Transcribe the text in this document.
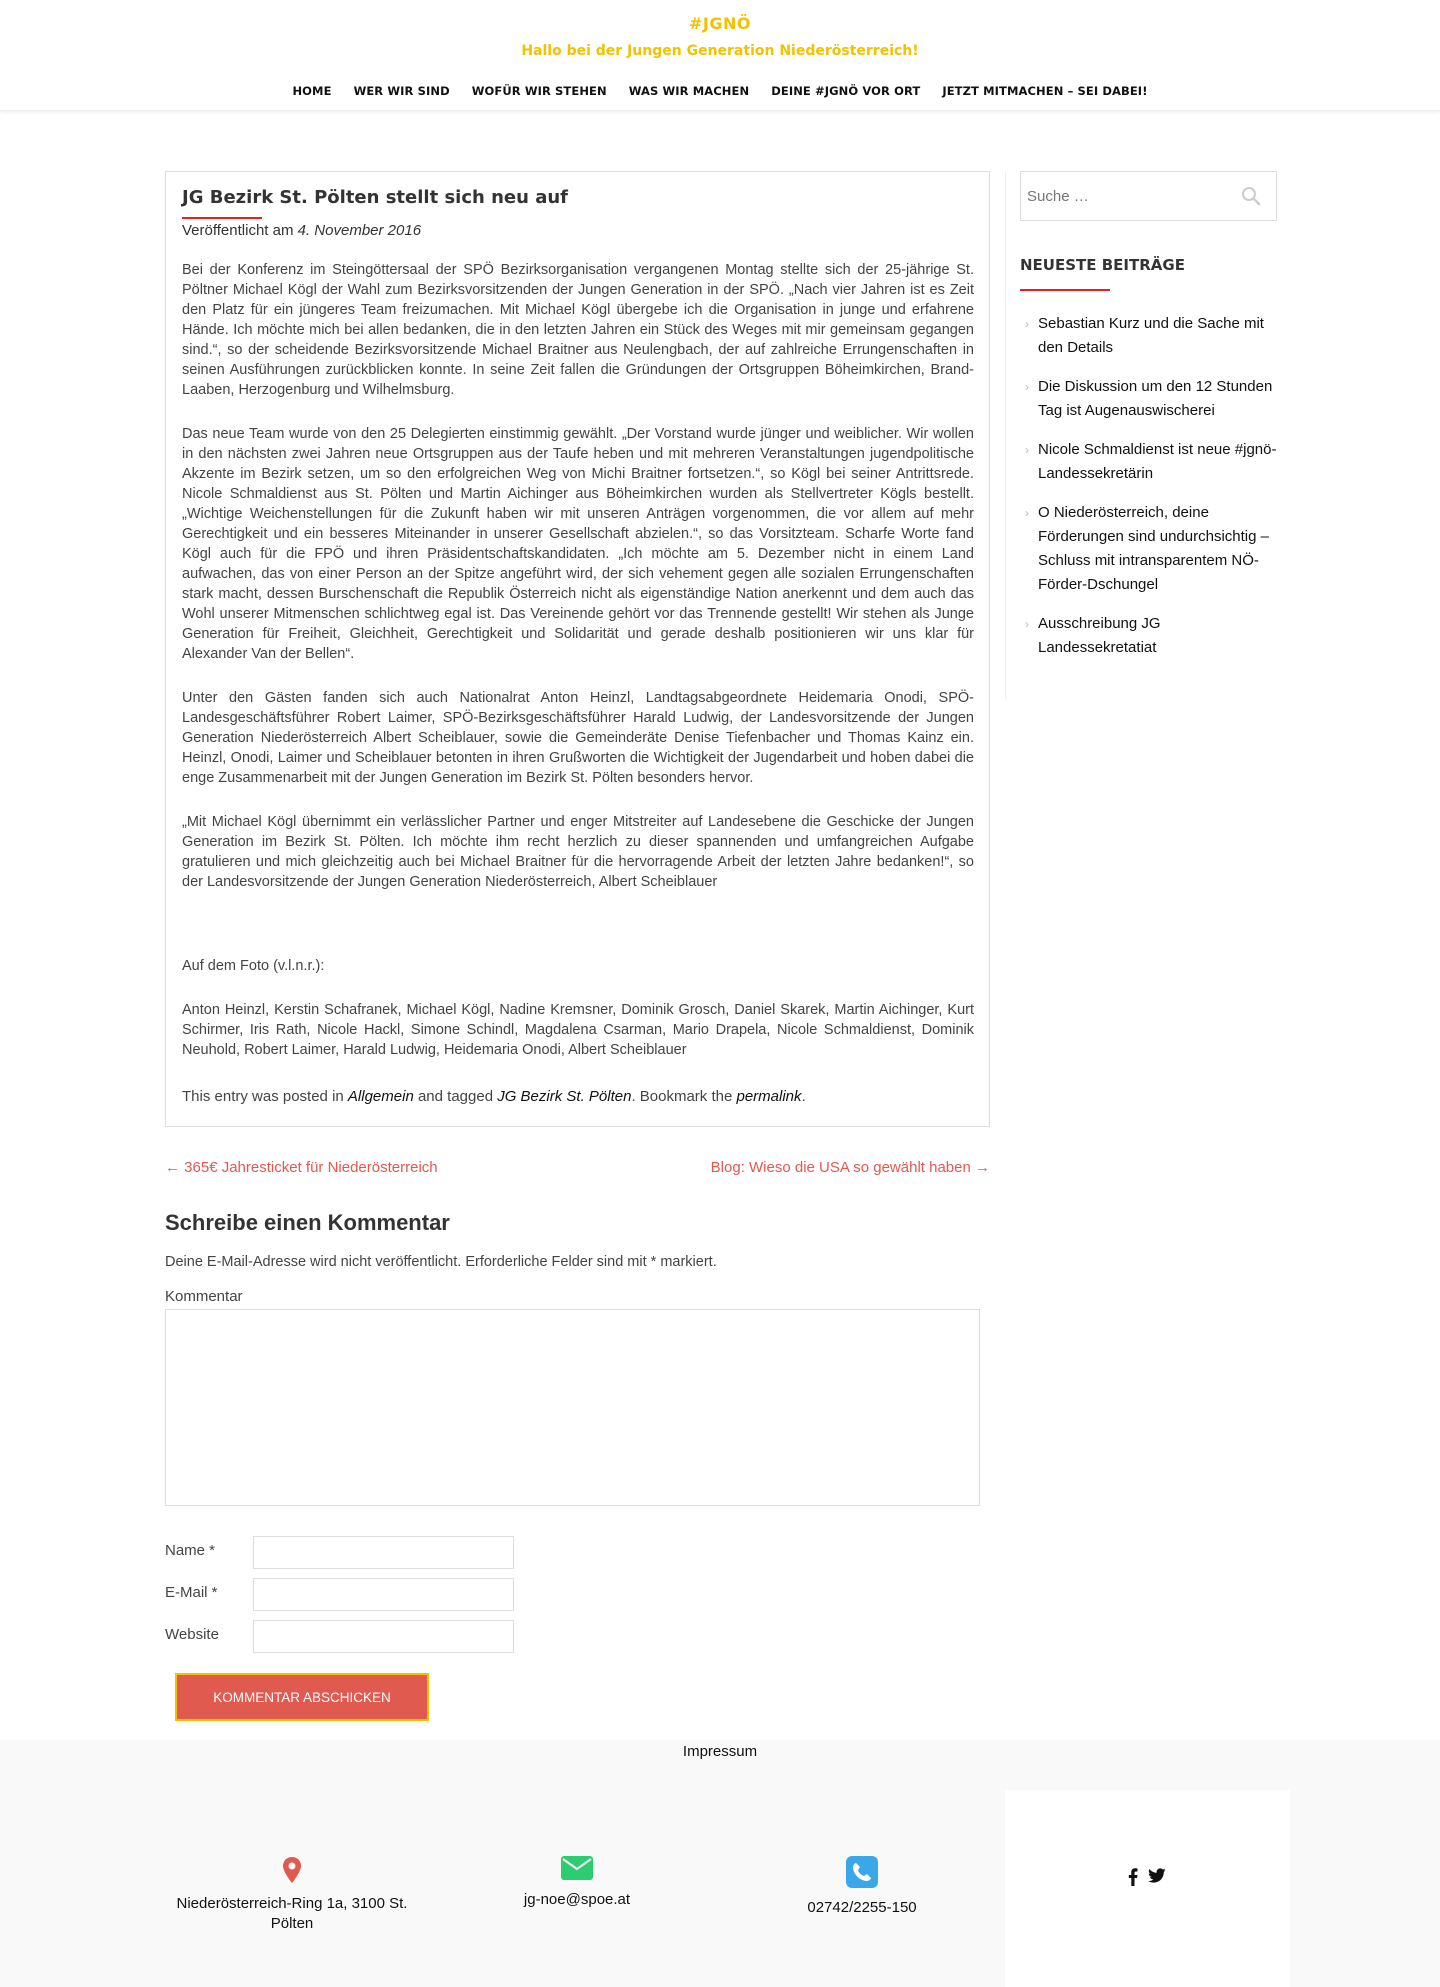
#JGNÖ
Hallo bei der Jungen Generation Niederösterreich!
HOME	WER WIR SIND	WOFÜR WIR STEHEN	WAS WIR MACHEN	DEINE #JGNÖ VOR ORT	JETZT MITMACHEN – SEI DABEI!
JG Bezirk St. Pölten stellt sich neu auf
Veröffentlicht am 4. November 2016

Bei der Konferenz im Steingöttersaal der SPÖ Bezirksorganisation vergangenen Montag stellte sich der 25-jährige St. Pöltner Michael Kögl der Wahl zum Bezirksvorsitzenden der Jungen Generation in der SPÖ. „Nach vier Jahren ist es Zeit den Platz für ein jüngeres Team freizumachen. Mit Michael Kögl übergebe ich die Organisation in junge und erfahrene Hände. Ich möchte mich bei allen bedanken, die in den letzten Jahren ein Stück des Weges mit mir gemeinsam gegangen sind.“, so der scheidende Bezirksvorsitzende Michael Braitner aus Neulengbach, der auf zahlreiche Errungenschaften in seinen Ausführungen zurückblicken konnte. In seine Zeit fallen die Gründungen der Ortsgruppen Böheimkirchen, Brand-Laaben, Herzogenburg und Wilhelmsburg.

Das neue Team wurde von den 25 Delegierten einstimmig gewählt. „Der Vorstand wurde jünger und weiblicher. Wir wollen in den nächsten zwei Jahren neue Ortsgruppen aus der Taufe heben und mit mehreren Veranstaltungen jugendpolitische Akzente im Bezirk setzen, um so den erfolgreichen Weg von Michi Braitner fortsetzen.“, so Kögl bei seiner Antrittsrede. Nicole Schmaldienst aus St. Pölten und Martin Aichinger aus Böheimkirchen wurden als Stellvertreter Kögls bestellt. „Wichtige Weichenstellungen für die Zukunft haben wir mit unseren Anträgen vorgenommen, die vor allem auf mehr Gerechtigkeit und ein besseres Miteinander in unserer Gesellschaft abzielen.“, so das Vorsitzteam. Scharfe Worte fand Kögl auch für die FPÖ und ihren Präsidentschaftskandidaten. „Ich möchte am 5. Dezember nicht in einem Land aufwachen, das von einer Person an der Spitze angeführt wird, der sich vehement gegen alle sozialen Errungenschaften stark macht, dessen Burschenschaft die Republik Österreich nicht als eigenständige Nation anerkennt und dem auch das Wohl unserer Mitmenschen schlichtweg egal ist. Das Vereinende gehört vor das Trennende gestellt! Wir stehen als Junge Generation für Freiheit, Gleichheit, Gerechtigkeit und Solidarität und gerade deshalb positionieren wir uns klar für Alexander Van der Bellen“.

Unter den Gästen fanden sich auch Nationalrat Anton Heinzl, Landtagsabgeordnete Heidemaria Onodi, SPÖ-Landesgeschäftsführer Robert Laimer, SPÖ-Bezirksgeschäftsführer Harald Ludwig, der Landesvorsitzende der Jungen Generation Niederösterreich Albert Scheiblauer, sowie die Gemeinderäte Denise Tiefenbacher und Thomas Kainz ein. Heinzl, Onodi, Laimer und Scheiblauer betonten in ihren Grußworten die Wichtigkeit der Jugendarbeit und hoben dabei die enge Zusammenarbeit mit der Jungen Generation im Bezirk St. Pölten besonders hervor.

„Mit Michael Kögl übernimmt ein verlässlicher Partner und enger Mitstreiter auf Landesebene die Geschicke der Jungen Generation im Bezirk St. Pölten. Ich möchte ihm recht herzlich zu dieser spannenden und umfangreichen Aufgabe gratulieren und mich gleichzeitig auch bei Michael Braitner für die hervorragende Arbeit der letzten Jahre bedanken!“, so der Landesvorsitzende der Jungen Generation Niederösterreich, Albert Scheiblauer

Auf dem Foto (v.l.n.r.):

Anton Heinzl, Kerstin Schafranek, Michael Kögl, Nadine Kremsner, Dominik Grosch, Daniel Skarek, Martin Aichinger, Kurt Schirmer, Iris Rath, Nicole Hackl, Simone Schindl, Magdalena Csarman, Mario Drapela, Nicole Schmaldienst, Dominik Neuhold, Robert Laimer, Harald Ludwig, Heidemaria Onodi, Albert Scheiblauer

This entry was posted in Allgemein and tagged JG Bezirk St. Pölten. Bookmark the permalink.
← 365€ Jahresticket für Niederösterreich	Blog: Wieso die USA so gewählt haben →
Schreibe einen Kommentar
Deine E-Mail-Adresse wird nicht veröffentlicht. Erforderliche Felder sind mit * markiert.
Kommentar
Name *
E-Mail *
Website
KOMMENTAR ABSCHICKEN
Suche …
NEUESTE BEITRÄGE
› Sebastian Kurz und die Sache mit den Details
› Die Diskussion um den 12 Stunden Tag ist Augenauswischerei
› Nicole Schmaldienst ist neue #jgnö-Landessekretärin
› O Niederösterreich, deine Förderungen sind undurchsichtig – Schluss mit intransparentem NÖ-Förder-Dschungel
› Ausschreibung JG Landessekretatiat
Impressum
Niederösterreich-Ring 1a, 3100 St. Pölten
jg-noe@spoe.at	02742/2255-150
